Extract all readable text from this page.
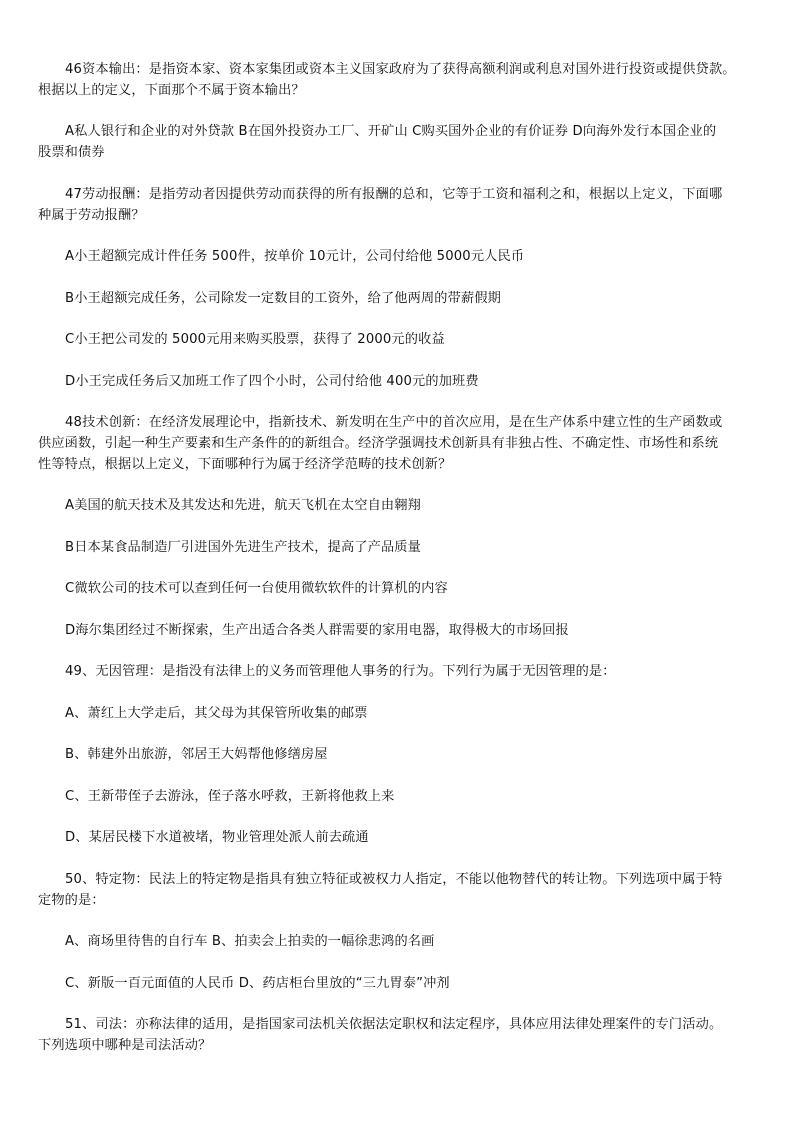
46资本输出：是指资本家、资本家集团或资本主义国家政府为了获得高额利润或利息对国外进行投资或提供贷款。
根据以上的定义，下面那个不属于资本输出？
A私人银行和企业的对外贷款 B在国外投资办工厂、开矿山 C购买国外企业的有价证券 D向海外发行本国企业的
股票和债券
47劳动报酬：是指劳动者因提供劳动而获得的所有报酬的总和，它等于工资和福利之和，根据以上定义，下面哪
种属于劳动报酬？
A小王超额完成计件任务 500件，按单价 10元计，公司付给他 5000元人民币
B小王超额完成任务，公司除发一定数目的工资外，给了他两周的带薪假期
C小王把公司发的 5000元用来购买股票，获得了 2000元的收益
D小王完成任务后又加班工作了四个小时，公司付给他 400元的加班费
48技术创新：在经济发展理论中，指新技术、新发明在生产中的首次应用，是在生产体系中建立性的生产函数或
供应函数，引起一种生产要素和生产条件的的新组合。经济学强调技术创新具有非独占性、不确定性、市场性和系统
性等特点，根据以上定义，下面哪种行为属于经济学范畴的技术创新？
A美国的航天技术及其发达和先进，航天飞机在太空自由翱翔
B日本某食品制造厂引进国外先进生产技术，提高了产品质量
C微软公司的技术可以查到任何一台使用微软软件的计算机的内容
D海尔集团经过不断探索，生产出适合各类人群需要的家用电器，取得极大的市场回报
49、无因管理：是指没有法律上的义务而管理他人事务的行为。下列行为属于无因管理的是：
A、萧红上大学走后，其父母为其保管所收集的邮票
B、韩建外出旅游，邻居王大妈帮他修缮房屋
C、王新带侄子去游泳，侄子落水呼救，王新将他救上来
D、某居民楼下水道被堵，物业管理处派人前去疏通
50、特定物：民法上的特定物是指具有独立特征或被权力人指定，不能以他物替代的转让物。下列选项中属于特
定物的是：
A、商场里待售的自行车 B、拍卖会上拍卖的一幅徐悲鸿的名画
C、新版一百元面值的人民币 D、药店柜台里放的“三九胃泰”冲剂
51、司法：亦称法律的适用，是指国家司法机关依据法定职权和法定程序，具体应用法律处理案件的专门活动。
下列选项中哪种是司法活动？
